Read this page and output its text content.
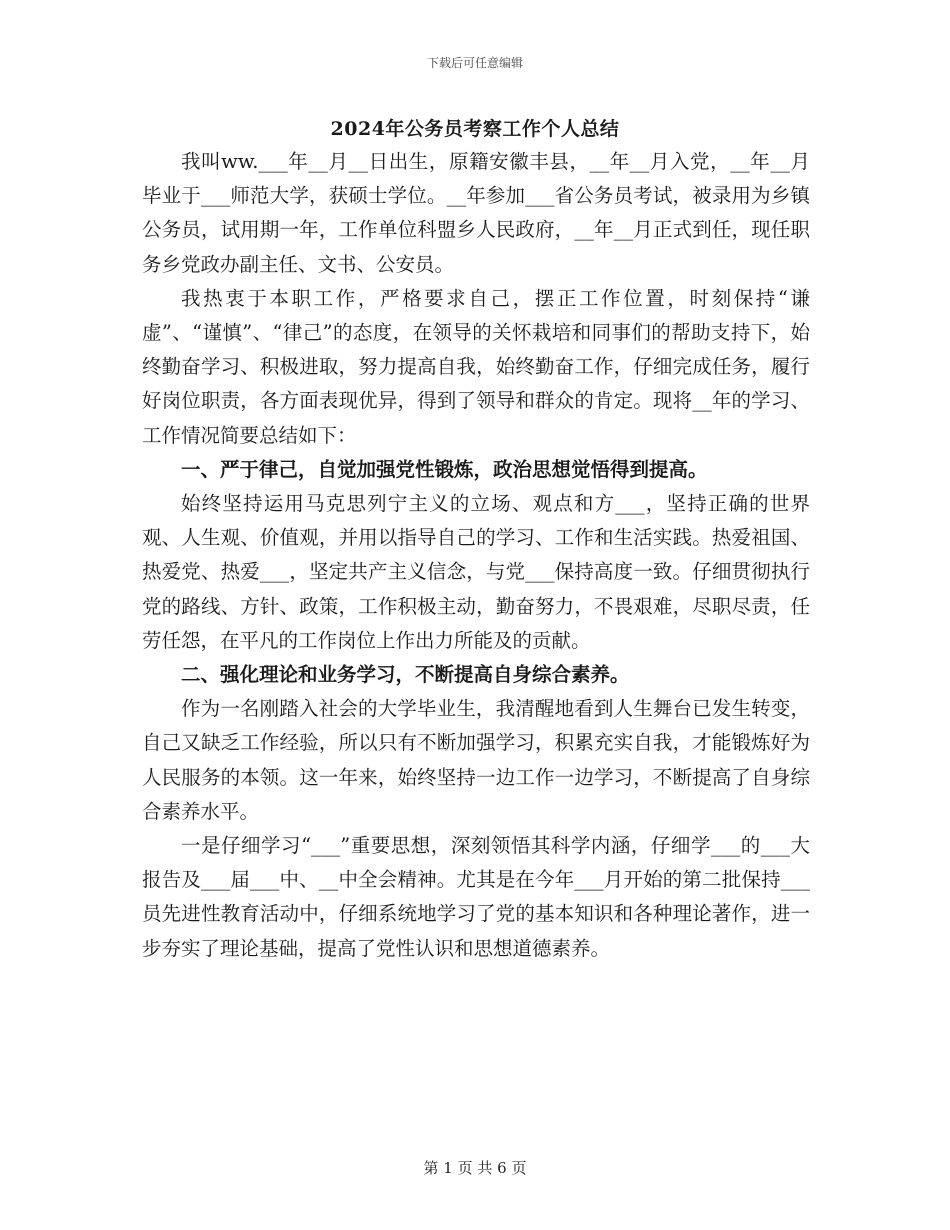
下载后可任意编辑
2024年公务员考察工作个人总结

我叫ww.___年__月__日出生，原籍安徽丰县，__年__月入党，__年__月毕业于___师范大学，获硕士学位。__年参加___省公务员考试，被录用为乡镇公务员，试用期一年，工作单位科盟乡人民政府，__年__月正式到任，现任职务乡党政办副主任、文书、公安员。

我热衷于本职工作，严格要求自己，摆正工作位置，时刻保持“谦虚”、“谨慎”、“律己”的态度，在领导的关怀栽培和同事们的帮助支持下，始终勤奋学习、积极进取，努力提高自我，始终勤奋工作，仔细完成任务，履行好岗位职责，各方面表现优异，得到了领导和群众的肯定。现将__年的学习、工作情况简要总结如下：

一、严于律己，自觉加强党性锻炼，政治思想觉悟得到提高。

始终坚持运用马克思列宁主义的立场、观点和方___，坚持正确的世界观、人生观、价值观，并用以指导自己的学习、工作和生活实践。热爱祖国、热爱党、热爱___，坚定共产主义信念，与党___保持高度一致。仔细贯彻执行党的路线、方针、政策，工作积极主动，勤奋努力，不畏艰难，尽职尽责，任劳任怨，在平凡的工作岗位上作出力所能及的贡献。

二、强化理论和业务学习，不断提高自身综合素养。

作为一名刚踏入社会的大学毕业生，我清醒地看到人生舞台已发生转变，自己又缺乏工作经验，所以只有不断加强学习，积累充实自我，才能锻炼好为人民服务的本领。这一年来，始终坚持一边工作一边学习，不断提高了自身综合素养水平。

一是仔细学习“___”重要思想，深刻领悟其科学内涵，仔细学___的___大报告及___届___中、__中全会精神。尤其是在今年___月开始的第二批保持___员先进性教育活动中，仔细系统地学习了党的基本知识和各种理论著作，进一步夯实了理论基础，提高了党性认识和思想道德素养。

第 1 页 共 6 页
